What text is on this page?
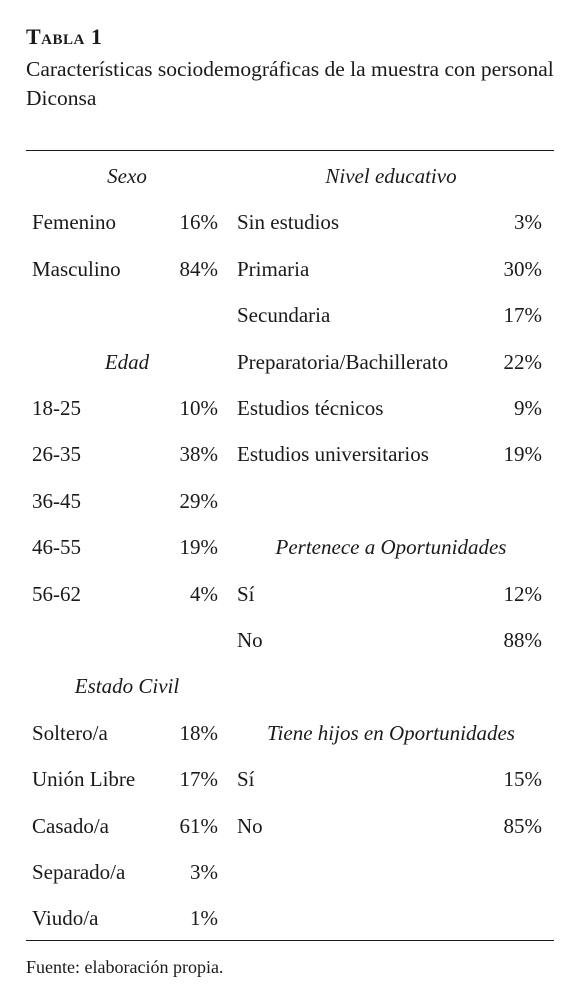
Tabla 1
Características sociodemográficas de la muestra con personal Diconsa
Sexo
Femenino	16%
Masculino	84%
Edad
18-25	10%
26-35	38%
36-45	29%
46-55	19%
56-62	4%
Estado Civil
Soltero/a	18%
Unión Libre	17%
Casado/a	61%
Separado/a	3%
Viudo/a	1%
Nivel educativo
Sin estudios	3%
Primaria	30%
Secundaria	17%
Preparatoria/Bachillerato	22%
Estudios técnicos	9%
Estudios universitarios	19%
Pertenece a Oportunidades
Sí	12%
No	88%
Tiene hijos en Oportunidades
Sí	15%
No	85%
Fuente: elaboración propia.
